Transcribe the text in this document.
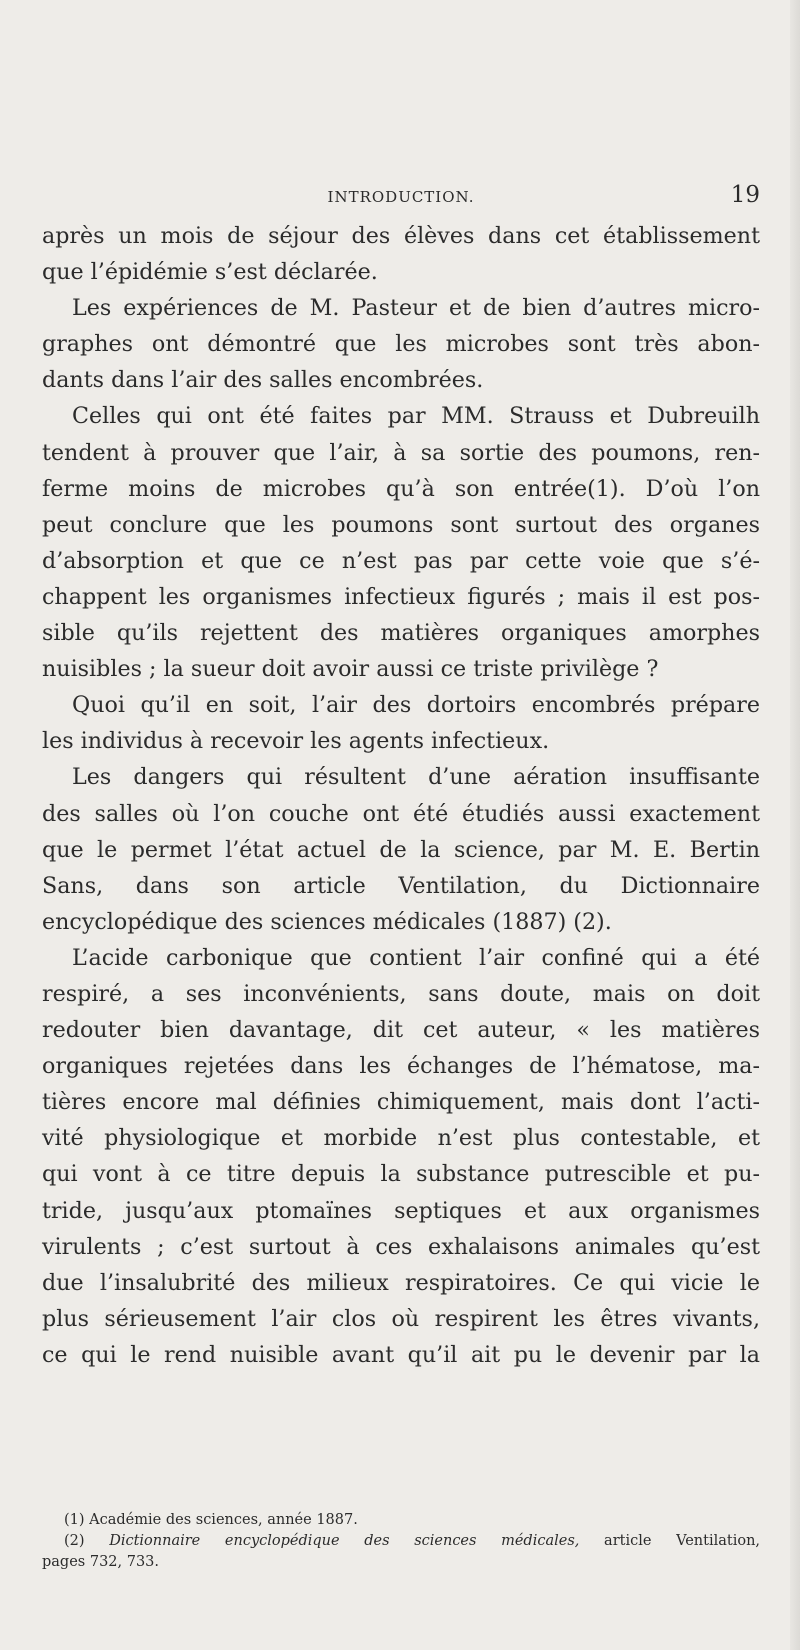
INTRODUCTION.	19

après un mois de séjour des élèves dans cet établissement
que l’épidémie s’est déclarée.

Les expériences de M. Pasteur et de bien d’autres micro-
graphes ont démontré que les microbes sont très abon-
dants dans l’air des salles encombrées.

Celles qui ont été faites par MM. Strauss et Dubreuilh
tendent à prouver que l’air, à sa sortie des poumons, ren-
ferme moins de microbes qu’à son entrée(1). D’où l’on
peut conclure que les poumons sont surtout des organes
d’absorption et que ce n’est pas par cette voie que s’é-
chappent les organismes infectieux figurés ; mais il est pos-
sible qu’ils rejettent des matières organiques amorphes
nuisibles ; la sueur doit avoir aussi ce triste privilège ?

Quoi qu’il en soit, l’air des dortoirs encombrés prépare
les individus à recevoir les agents infectieux.

Les dangers qui résultent d’une aération insuffisante
des salles où l’on couche ont été étudiés aussi exactement
que le permet l’état actuel de la science, par M. E. Bertin
Sans, dans son article Ventilation, du Dictionnaire
encyclopédique des sciences médicales (1887) (2).

L’acide carbonique que contient l’air confiné qui a été
respiré, a ses inconvénients, sans doute, mais on doit
redouter bien davantage, dit cet auteur, « les matières
organiques rejetées dans les échanges de l’hématose, ma-
tières encore mal définies chimiquement, mais dont l’acti-
vité physiologique et morbide n’est plus contestable, et
qui vont à ce titre depuis la substance putrescible et pu-
tride, jusqu’aux ptomaïnes septiques et aux organismes
virulents ; c’est surtout à ces exhalaisons animales qu’est
due l’insalubrité des milieux respiratoires. Ce qui vicie le
plus sérieusement l’air clos où respirent les êtres vivants,
ce qui le rend nuisible avant qu’il ait pu le devenir par la

(1) Académie des sciences, année 1887.
(2) Dictionnaire encyclopédique des sciences médicales, article Ventilation,
pages 732, 733.
